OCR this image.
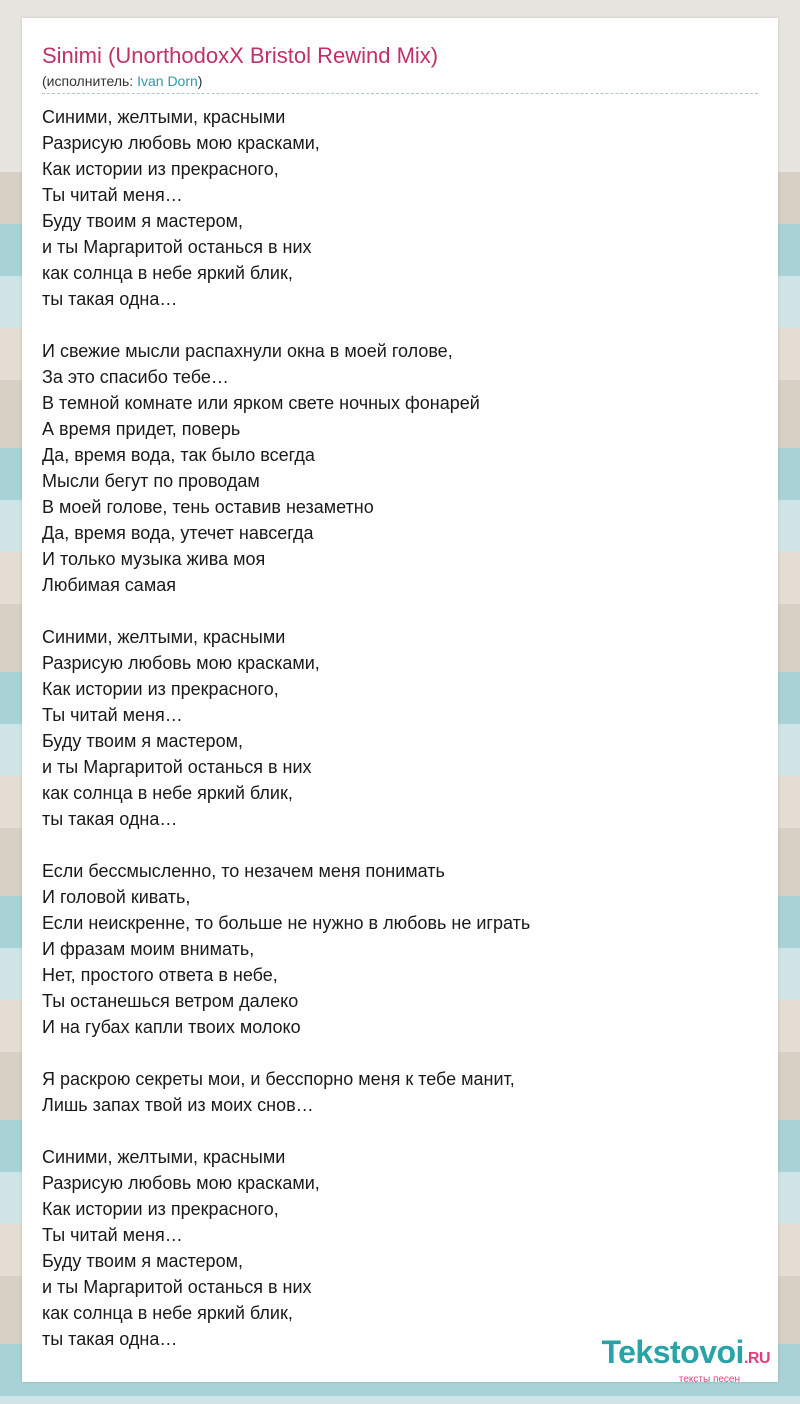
Sinimi (UnorthodoxX Bristol Rewind Mix)
(исполнитель: Ivan Dorn)
Синими, желтыми, красными
Разрисую любовь мою красками,
Как истории из прекрасного,
Ты читай меня…
Буду твоим я мастером,
и ты Маргаритой останься в них
как солнца в небе яркий блик,
ты такая одна…
И свежие мысли распахнули окна в моей голове,
За это спасибо тебе…
В темной комнате или ярком свете ночных фонарей
А время придет, поверь
Да, время вода, так было всегда
Мысли бегут по проводам
В моей голове, тень оставив незаметно
Да, время вода, утечет навсегда
И только музыка жива моя
Любимая самая
Синими, желтыми, красными
Разрисую любовь мою красками,
Как истории из прекрасного,
Ты читай меня…
Буду твоим я мастером,
и ты Маргаритой останься в них
как солнца в небе яркий блик,
ты такая одна…
Если бессмысленно, то незачем меня понимать
И головой кивать,
Если неискренне, то больше не нужно в любовь не играть
И фразам моим внимать,
Нет, простого ответа в небе,
Ты останешься ветром далеко
И на губах капли твоих молоко
Я раскрою секреты мои, и бесспорно меня к тебе манит,
Лишь запах твой из моих снов…
Синими, желтыми, красными
Разрисую любовь мою красками,
Как истории из прекрасного,
Ты читай меня…
Буду твоим я мастером,
и ты Маргаритой останься в них
как солнца в небе яркий блик,
ты такая одна…	Tekstovoi.RU
тексты песен
